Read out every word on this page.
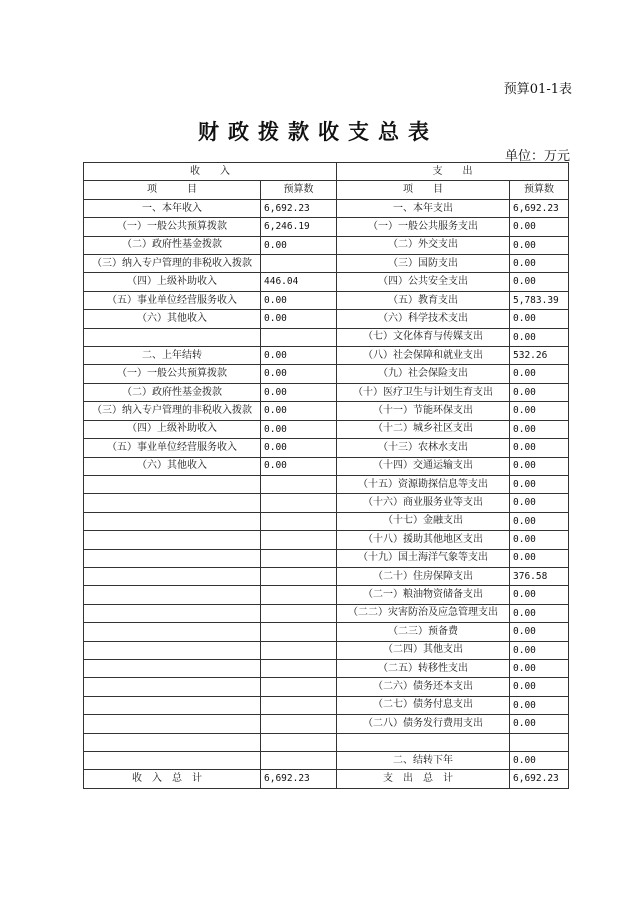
预算01-1表
财政拨款收支总表
单位：万元
收　　入		支　　出	
项　　　目	预算数	项　　目	预算数
一、本年收入	6,692.23	一、本年支出	6,692.23
（一）一般公共预算拨款	6,246.19	（一）一般公共服务支出	0.00
（二）政府性基金拨款	0.00	（二）外交支出	0.00
（三）纳入专户管理的非税收入拨款		（三）国防支出	0.00
（四）上级补助收入	446.04	（四）公共安全支出	0.00
（五）事业单位经营服务收入	0.00	（五）教育支出	5,783.39
（六）其他收入	0.00	（六）科学技术支出	0.00
		（七）文化体育与传媒支出	0.00
二、上年结转	0.00	（八）社会保障和就业支出	532.26
（一）一般公共预算拨款	0.00	（九）社会保险支出	0.00
（二）政府性基金拨款	0.00	（十）医疗卫生与计划生育支出	0.00
（三）纳入专户管理的非税收入拨款	0.00	（十一）节能环保支出	0.00
（四）上级补助收入	0.00	（十二）城乡社区支出	0.00
（五）事业单位经营服务收入	0.00	（十三）农林水支出	0.00
（六）其他收入	0.00	（十四）交通运输支出	0.00
		（十五）资源勘探信息等支出	0.00
		（十六）商业服务业等支出	0.00
		（十七）金融支出	0.00
		（十八）援助其他地区支出	0.00
		（十九）国土海洋气象等支出	0.00
		（二十）住房保障支出	376.58
		（二一）粮油物资储备支出	0.00
		（二二）灾害防治及应急管理支出	0.00
		（二三）预备费	0.00
		（二四）其他支出	0.00
		（二五）转移性支出	0.00
		（二六）债务还本支出	0.00
		（二七）债务付息支出	0.00
		（二八）债务发行费用支出	0.00

		二、结转下年	0.00
收入总计	6,692.23	支出总计	6,692.23
